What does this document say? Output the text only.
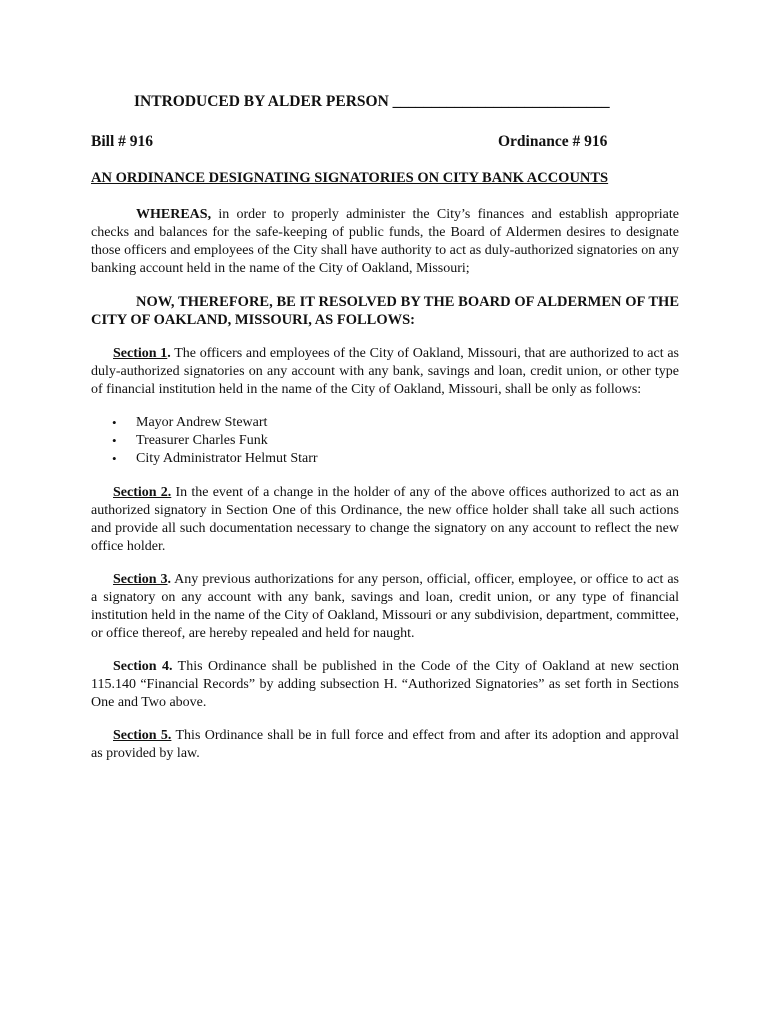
INTRODUCED BY ALDER PERSON ____________________________
Bill # 916	Ordinance # 916
AN ORDINANCE DESIGNATING SIGNATORIES ON CITY BANK ACCOUNTS

WHEREAS, in order to properly administer the City’s finances and establish appropriate checks and balances for the safe-keeping of public funds, the Board of Aldermen desires to designate those officers and employees of the City shall have authority to act as duly-authorized signatories on any banking account held in the name of the City of Oakland, Missouri;

NOW, THEREFORE, BE IT RESOLVED BY THE BOARD OF ALDERMEN OF THE CITY OF OAKLAND, MISSOURI, AS FOLLOWS:

Section 1. The officers and employees of the City of Oakland, Missouri, that are authorized to act as duly-authorized signatories on any account with any bank, savings and loan, credit union, or other type of financial institution held in the name of the City of Oakland, Missouri, shall be only as follows:

• Mayor Andrew Stewart
• Treasurer Charles Funk
• City Administrator Helmut Starr

Section 2. In the event of a change in the holder of any of the above offices authorized to act as an authorized signatory in Section One of this Ordinance, the new office holder shall take all such actions and provide all such documentation necessary to change the signatory on any account to reflect the new office holder.

Section 3. Any previous authorizations for any person, official, officer, employee, or office to act as a signatory on any account with any bank, savings and loan, credit union, or any type of financial institution held in the name of the City of Oakland, Missouri or any subdivision, department, committee, or office thereof, are hereby repealed and held for naught.

Section 4. This Ordinance shall be published in the Code of the City of Oakland at new section 115.140 “Financial Records” by adding subsection H. “Authorized Signatories” as set forth in Sections One and Two above.

Section 5. This Ordinance shall be in full force and effect from and after its adoption and approval as provided by law.
